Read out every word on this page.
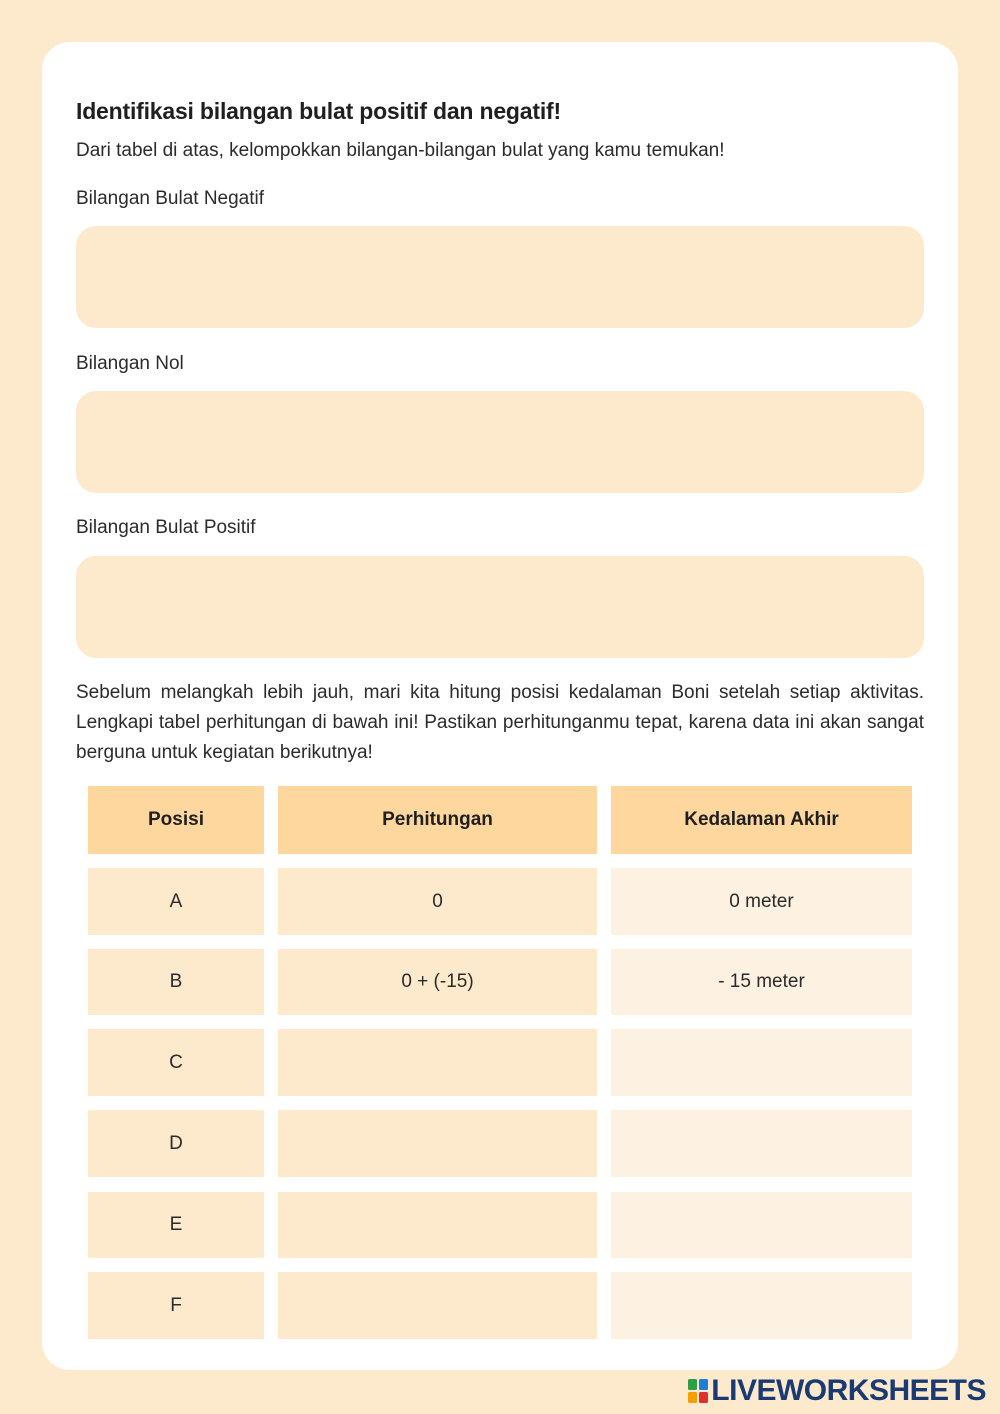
Identifikasi bilangan bulat positif dan negatif!
Dari tabel di atas, kelompokkan bilangan-bilangan bulat yang kamu temukan!
Bilangan Bulat Negatif
Bilangan Nol
Bilangan Bulat Positif
Sebelum melangkah lebih jauh, mari kita hitung posisi kedalaman Boni setelah setiap aktivitas. Lengkapi tabel perhitungan di bawah ini! Pastikan perhitunganmu tepat, karena data ini akan sangat berguna untuk kegiatan berikutnya!
Posisi	Perhitungan	Kedalaman Akhir
A	0	0 meter
B	0 + (-15)	- 15 meter
C
D
E
F
LIVEWORKSHEETS
